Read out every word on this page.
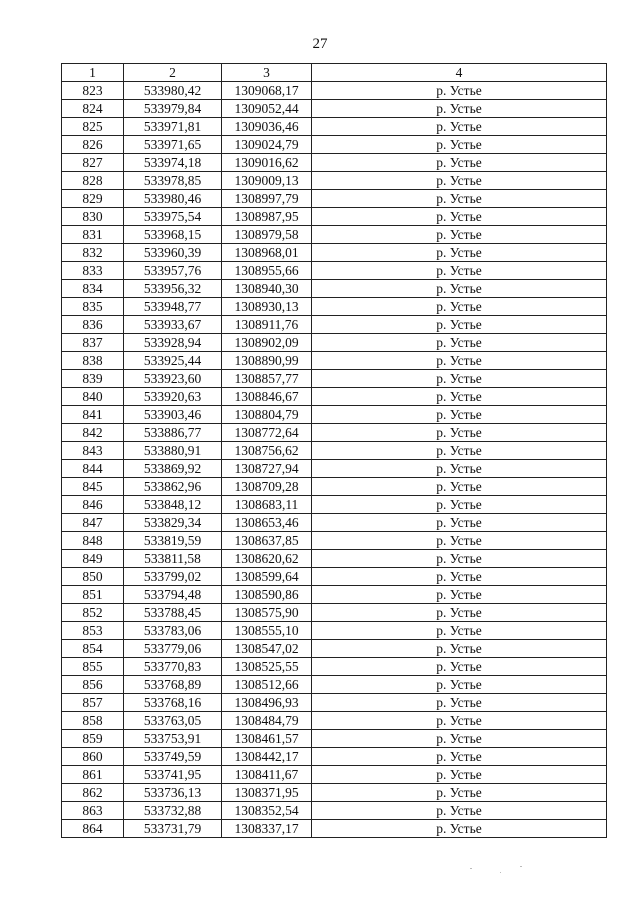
27
1	2	3	4
823	533980,42	1309068,17	р. Устье
824	533979,84	1309052,44	р. Устье
825	533971,81	1309036,46	р. Устье
826	533971,65	1309024,79	р. Устье
827	533974,18	1309016,62	р. Устье
828	533978,85	1309009,13	р. Устье
829	533980,46	1308997,79	р. Устье
830	533975,54	1308987,95	р. Устье
831	533968,15	1308979,58	р. Устье
832	533960,39	1308968,01	р. Устье
833	533957,76	1308955,66	р. Устье
834	533956,32	1308940,30	р. Устье
835	533948,77	1308930,13	р. Устье
836	533933,67	1308911,76	р. Устье
837	533928,94	1308902,09	р. Устье
838	533925,44	1308890,99	р. Устье
839	533923,60	1308857,77	р. Устье
840	533920,63	1308846,67	р. Устье
841	533903,46	1308804,79	р. Устье
842	533886,77	1308772,64	р. Устье
843	533880,91	1308756,62	р. Устье
844	533869,92	1308727,94	р. Устье
845	533862,96	1308709,28	р. Устье
846	533848,12	1308683,11	р. Устье
847	533829,34	1308653,46	р. Устье
848	533819,59	1308637,85	р. Устье
849	533811,58	1308620,62	р. Устье
850	533799,02	1308599,64	р. Устье
851	533794,48	1308590,86	р. Устье
852	533788,45	1308575,90	р. Устье
853	533783,06	1308555,10	р. Устье
854	533779,06	1308547,02	р. Устье
855	533770,83	1308525,55	р. Устье
856	533768,89	1308512,66	р. Устье
857	533768,16	1308496,93	р. Устье
858	533763,05	1308484,79	р. Устье
859	533753,91	1308461,57	р. Устье
860	533749,59	1308442,17	р. Устье
861	533741,95	1308411,67	р. Устье
862	533736,13	1308371,95	р. Устье
863	533732,88	1308352,54	р. Устье
864	533731,79	1308337,17	р. Устье
